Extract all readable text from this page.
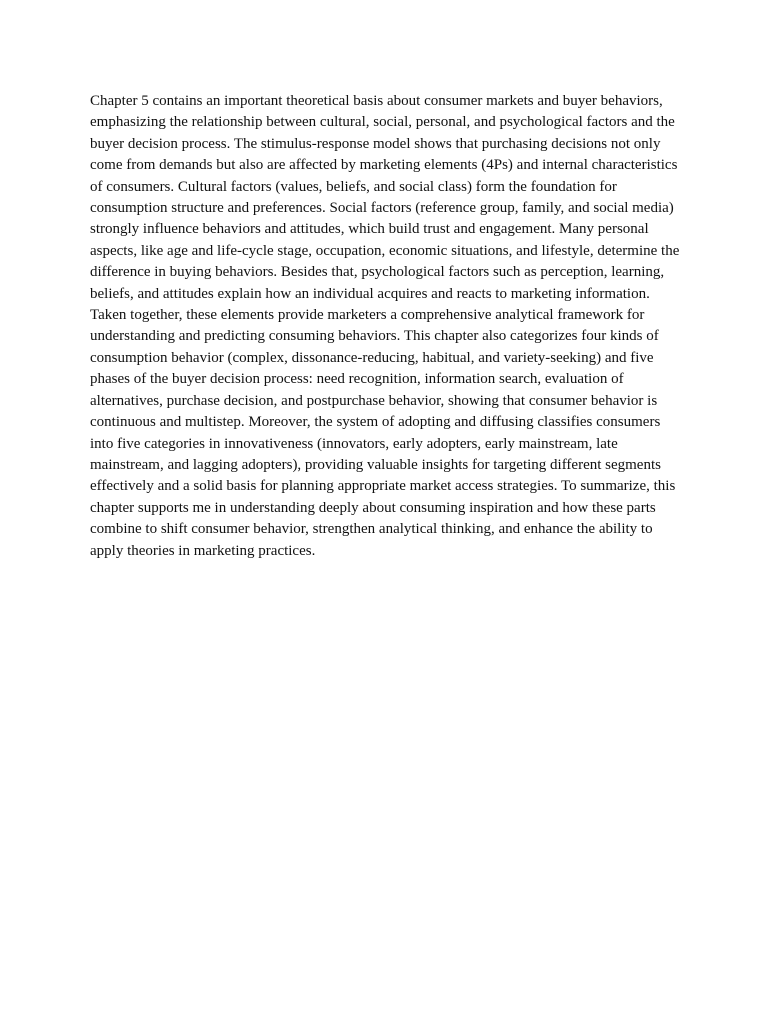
Chapter 5 contains an important theoretical basis about consumer markets and buyer behaviors, emphasizing the relationship between cultural, social, personal, and psychological factors and the buyer decision process. The stimulus-response model shows that purchasing decisions not only come from demands but also are affected by marketing elements (4Ps) and internal characteristics of consumers. Cultural factors (values, beliefs, and social class) form the foundation for consumption structure and preferences. Social factors (reference group, family, and social media) strongly influence behaviors and attitudes, which build trust and engagement. Many personal aspects, like age and life-cycle stage, occupation, economic situations, and lifestyle, determine the difference in buying behaviors. Besides that, psychological factors such as perception, learning, beliefs, and attitudes explain how an individual acquires and reacts to marketing information. Taken together, these elements provide marketers a comprehensive analytical framework for understanding and predicting consuming behaviors. This chapter also categorizes four kinds of consumption behavior (complex, dissonance-reducing, habitual, and variety-seeking) and five phases of the buyer decision process: need recognition, information search, evaluation of alternatives, purchase decision, and postpurchase behavior, showing that consumer behavior is continuous and multistep. Moreover, the system of adopting and diffusing classifies consumers into five categories in innovativeness (innovators, early adopters, early mainstream, late mainstream, and lagging adopters), providing valuable insights for targeting different segments effectively and a solid basis for planning appropriate market access strategies. To summarize, this chapter supports me in understanding deeply about consuming inspiration and how these parts combine to shift consumer behavior, strengthen analytical thinking, and enhance the ability to apply theories in marketing practices.
